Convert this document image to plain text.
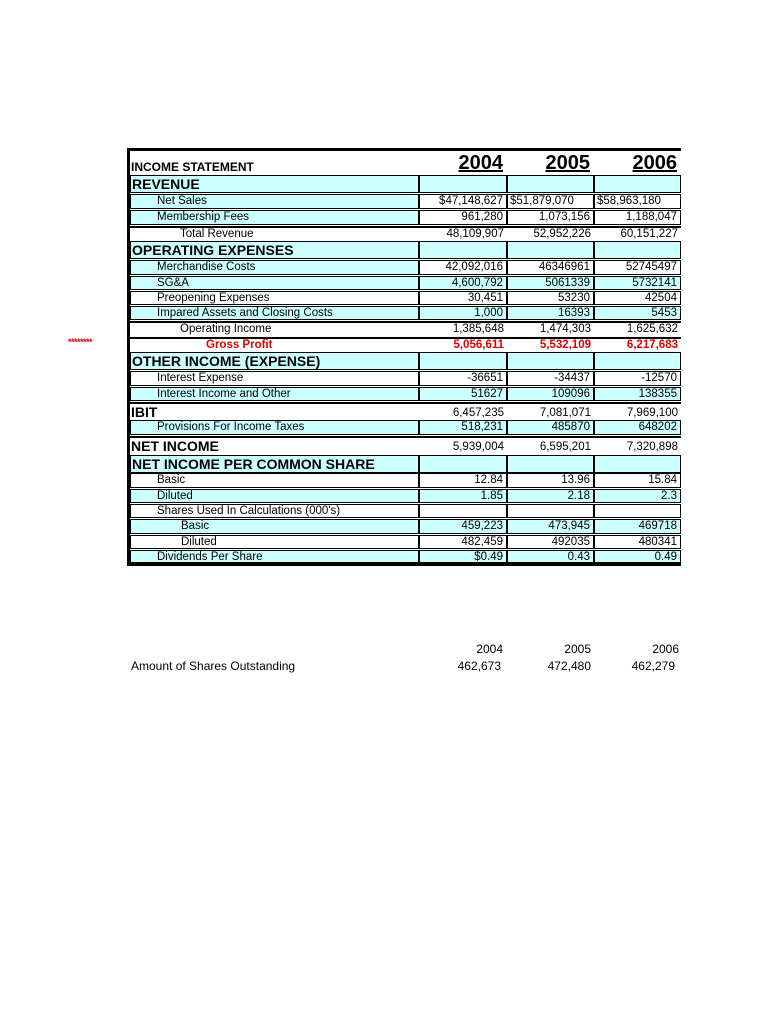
********
INCOME STATEMENT	2004	2005	2006
REVENUE
Net Sales	$47,148,627 $51,879,070	$58,963,180
Membership Fees	961,280	1,073,156	1,188,047
Total Revenue	48,109,907	52,952,226	60,151,227
OPERATING EXPENSES
Merchandise Costs	42,092,016	46346961	52745497
SG&A	4,600,792	5061339	5732141
Preopening Expenses	30,451	53230	42504
Impared Assets and Closing Costs	1,000	16393	5453
Operating Income	1,385,648	1,474,303	1,625,632
Gross Profit	5,056,611	5,532,109	6,217,683
OTHER INCOME (EXPENSE)
Interest Expense	-36651	-34437	-12570
Interest Income and Other	51627	109096	138355
IBIT	6,457,235	7,081,071	7,969,100
Provisions For Income Taxes	518,231	485870	648202
NET INCOME	5,939,004	6,595,201	7,320,898
NET INCOME PER COMMON SHARE
Basic	12.84	13.96	15.84
Diluted	1.85	2.18	2.3
Shares Used In Calculations (000's)
Basic	459,223	473,945	469718
Diluted	482,459	492035	480341
Dividends Per Share	$0.49	0.43	0.49
2004	2005	2006
Amount of Shares Outstanding	462,673	472,480	462,279
